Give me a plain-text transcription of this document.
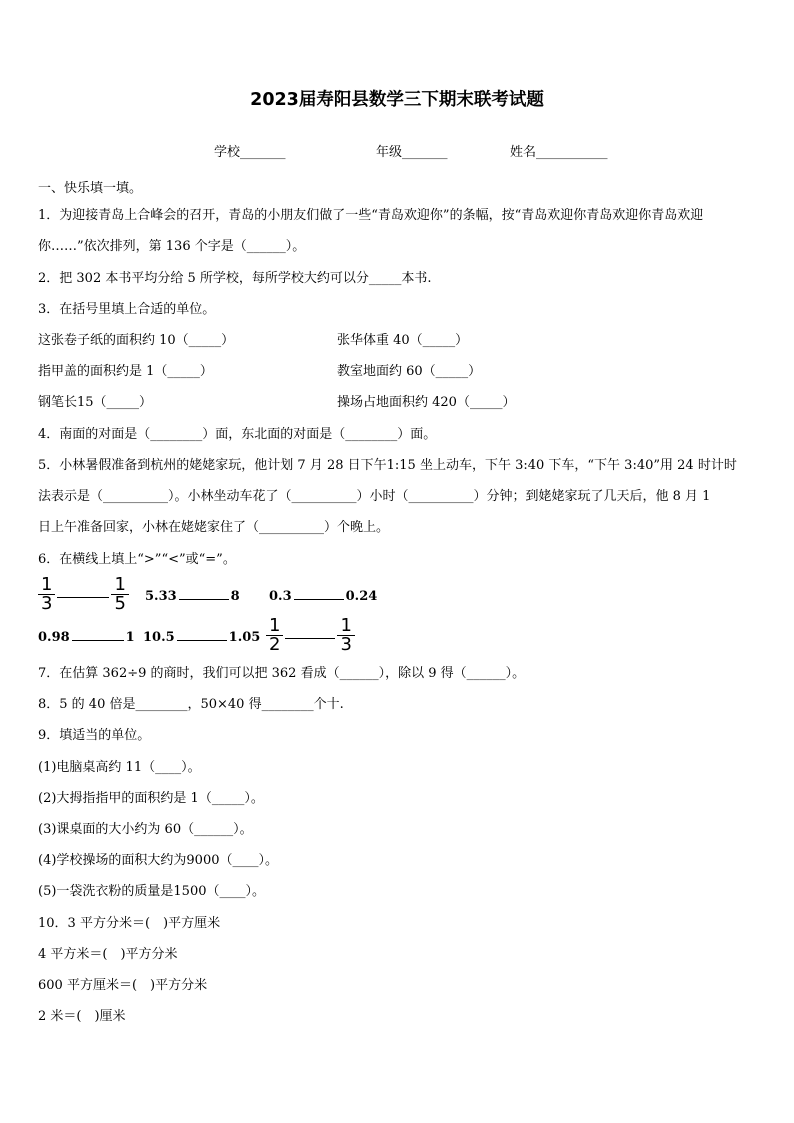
2023届寿阳县数学三下期末联考试题
学校_______	年级_______	姓名___________
一、快乐填一填。
1．为迎接青岛上合峰会的召开，青岛的小朋友们做了一些“青岛欢迎你”的条幅，按“青岛欢迎你青岛欢迎你青岛欢迎
你……”依次排列，第 136 个字是（______）。
2．把 302 本书平均分给 5 所学校，每所学校大约可以分_____本书.
3．在括号里填上合适的单位。
这张卷子纸的面积约 10（_____）	张华体重 40（_____）
指甲盖的面积约是 1（_____）	教室地面约 60（_____）
钢笔长15（_____）	操场占地面积约 420（_____）
4．南面的对面是（________）面，东北面的对面是（________）面。
5．小林暑假准备到杭州的姥姥家玩，他计划 7 月 28 日下午1:15 坐上动车，下午 3:40 下车，“下午 3:40”用 24 时计时
法表示是（__________）。小林坐动车花了（__________）小时（__________）分钟；到姥姥家玩了几天后，他 8 月 1
日上午准备回家，小林在姥姥家住了（__________）个晚上。
6．在横线上填上“>”“<”或“=”。
$\frac{1}{3}$	$\frac{1}{5} 5.33$	8 0.3	0.24
0.98	1 10.5	$1.05 \frac{1}{2}$	$\frac{1}{3}$
7．在估算 362÷9 的商时，我们可以把 362 看成（______），除以 9 得（______）。
8．5 的 40 倍是________，50×40 得________个十.
9．填适当的单位。
(1)电脑桌高约 11（____）。
(2)大拇指指甲的面积约是 1（_____）。
(3)课桌面的大小约为 60（______）。
(4)学校操场的面积大约为9000（____）。
(5)一袋洗衣粉的质量是1500（____）。
10．3 平方分米＝(　)平方厘米
4 平方米＝(　)平方分米
600 平方厘米＝(　)平方分米
2 米＝(　)厘米
